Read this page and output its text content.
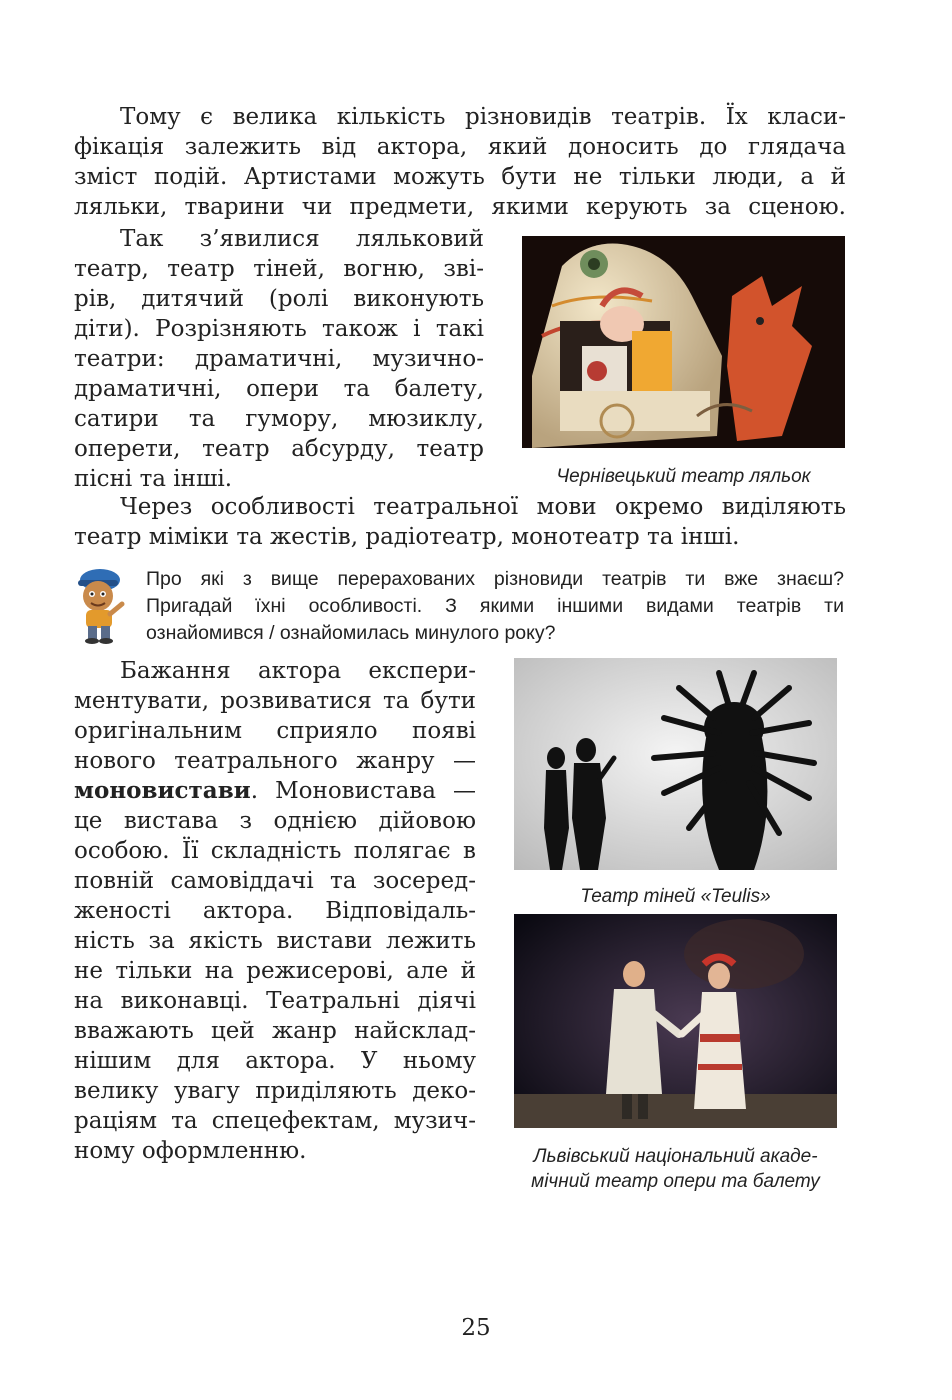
Тому є велика кількість різновидів театрів. Їх класи-
фікація залежить від актора, який доносить до глядача
зміст подій. Артистами можуть бути не тільки люди, а й
ляльки, тварини чи предмети, якими керують за сценою.
Так з’явилися ляльковий
театр, театр тіней, вогню, зві-
рів, дитячий (ролі виконують
діти). Розрізняють також і такі
театри: драматичні, музично-
драматичні, опери та балету,
сатири та гумору, мюзиклу,
оперети, театр абсурду, театр
пісні та інші.	Чернівецький театр ляльок
Через особливості театральної мови окремо виділяють
театр міміки та жестів, радіотеатр, монотеатр та інші.
Про які з вище перерахованих різновиди театрів ти вже знаєш?
Пригадай їхні особливості. З якими іншими видами театрів ти
ознайомився / ознайомилась минулого року?
Бажання актора експери-
ментувати, розвиватися та бути
оригінальним сприяло появі
нового театрального жанру —
моновистави. Моновистава —
це вистава з однією дійовою
особою. Її складність полягає в
повній самовіддачі та зосеред-
женості актора. Відповідаль-
ність за якість вистави лежить
не тільки на режисерові, але й
на виконавці. Театральні діячі
вважають цей жанр найсклад-
нішим для актора. У ньому
велику увагу приділяють деко-
раціям та спецефектам, музич-
ному оформленню.
Театр тіней «Teulis»
Львівський національний акаде-
мічний театр опери та балету
25
